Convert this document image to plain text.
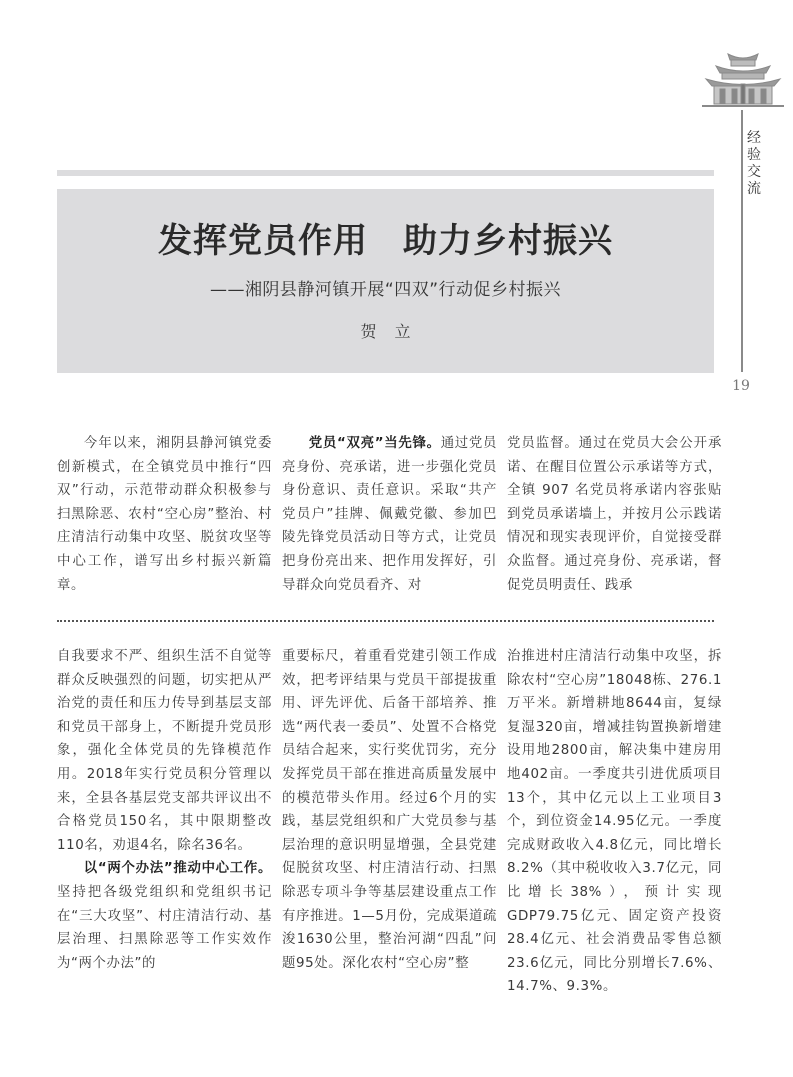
经验交流
19
发挥党员作用　助力乡村振兴
——湘阴县静河镇开展“四双”行动促乡村振兴
贺立

今年以来，湘阴县静河镇党委创新模式，在全镇党员中推行“四双”行动，示范带动群众积极参与扫黑除恶、农村“空心房”整治、村庄清洁行动集中攻坚、脱贫攻坚等中心工作，谱写出乡村振兴新篇章。

党员“双亮”当先锋。通过党员亮身份、亮承诺，进一步强化党员身份意识、责任意识。采取“共产党员户”挂牌、佩戴党徽、参加巴陵先锋党员活动日等方式，让党员把身份亮出来、把作用发挥好，引导群众向党员看齐、对

党员监督。通过在党员大会公开承诺、在醒目位置公示承诺等方式，全镇 907 名党员将承诺内容张贴到党员承诺墙上，并按月公示践诺情况和现实表现评价，自觉接受群众监督。通过亮身份、亮承诺，督促党员明责任、践承

自我要求不严、组织生活不自觉等群众反映强烈的问题，切实把从严治党的责任和压力传导到基层支部和党员干部身上，不断提升党员形象，强化全体党员的先锋模范作用。2018年实行党员积分管理以来，全县各基层党支部共评议出不合格党员150名，其中限期整改110名，劝退4名，除名36名。

以“两个办法”推动中心工作。坚持把各级党组织和党组织书记在“三大攻坚”、村庄清洁行动、基层治理、扫黑除恶等工作实效作为“两个办法”的

重要标尺，着重看党建引领工作成效，把考评结果与党员干部提拔重用、评先评优、后备干部培养、推选“两代表一委员”、处置不合格党员结合起来，实行奖优罚劣，充分发挥党员干部在推进高质量发展中的模范带头作用。经过6个月的实践，基层党组织和广大党员参与基层治理的意识明显增强，全县党建促脱贫攻坚、村庄清洁行动、扫黑除恶专项斗争等基层建设重点工作有序推进。1—5月份，完成渠道疏浚1630公里，整治河湖“四乱”问题95处。深化农村“空心房”整

治推进村庄清洁行动集中攻坚，拆除农村“空心房”18048栋、276.1万平米。新增耕地8644亩，复绿复湿320亩，增减挂钩置换新增建设用地2800亩，解决集中建房用地402亩。一季度共引进优质项目13个，其中亿元以上工业项目3个，到位资金14.95亿元。一季度完成财政收入4.8亿元，同比增长8.2%（其中税收收入3.7亿元，同比增长38%），预计实现GDP79.75亿元、固定资产投资28.4亿元、社会消费品零售总额23.6亿元，同比分别增长7.6%、14.7%、9.3%。
